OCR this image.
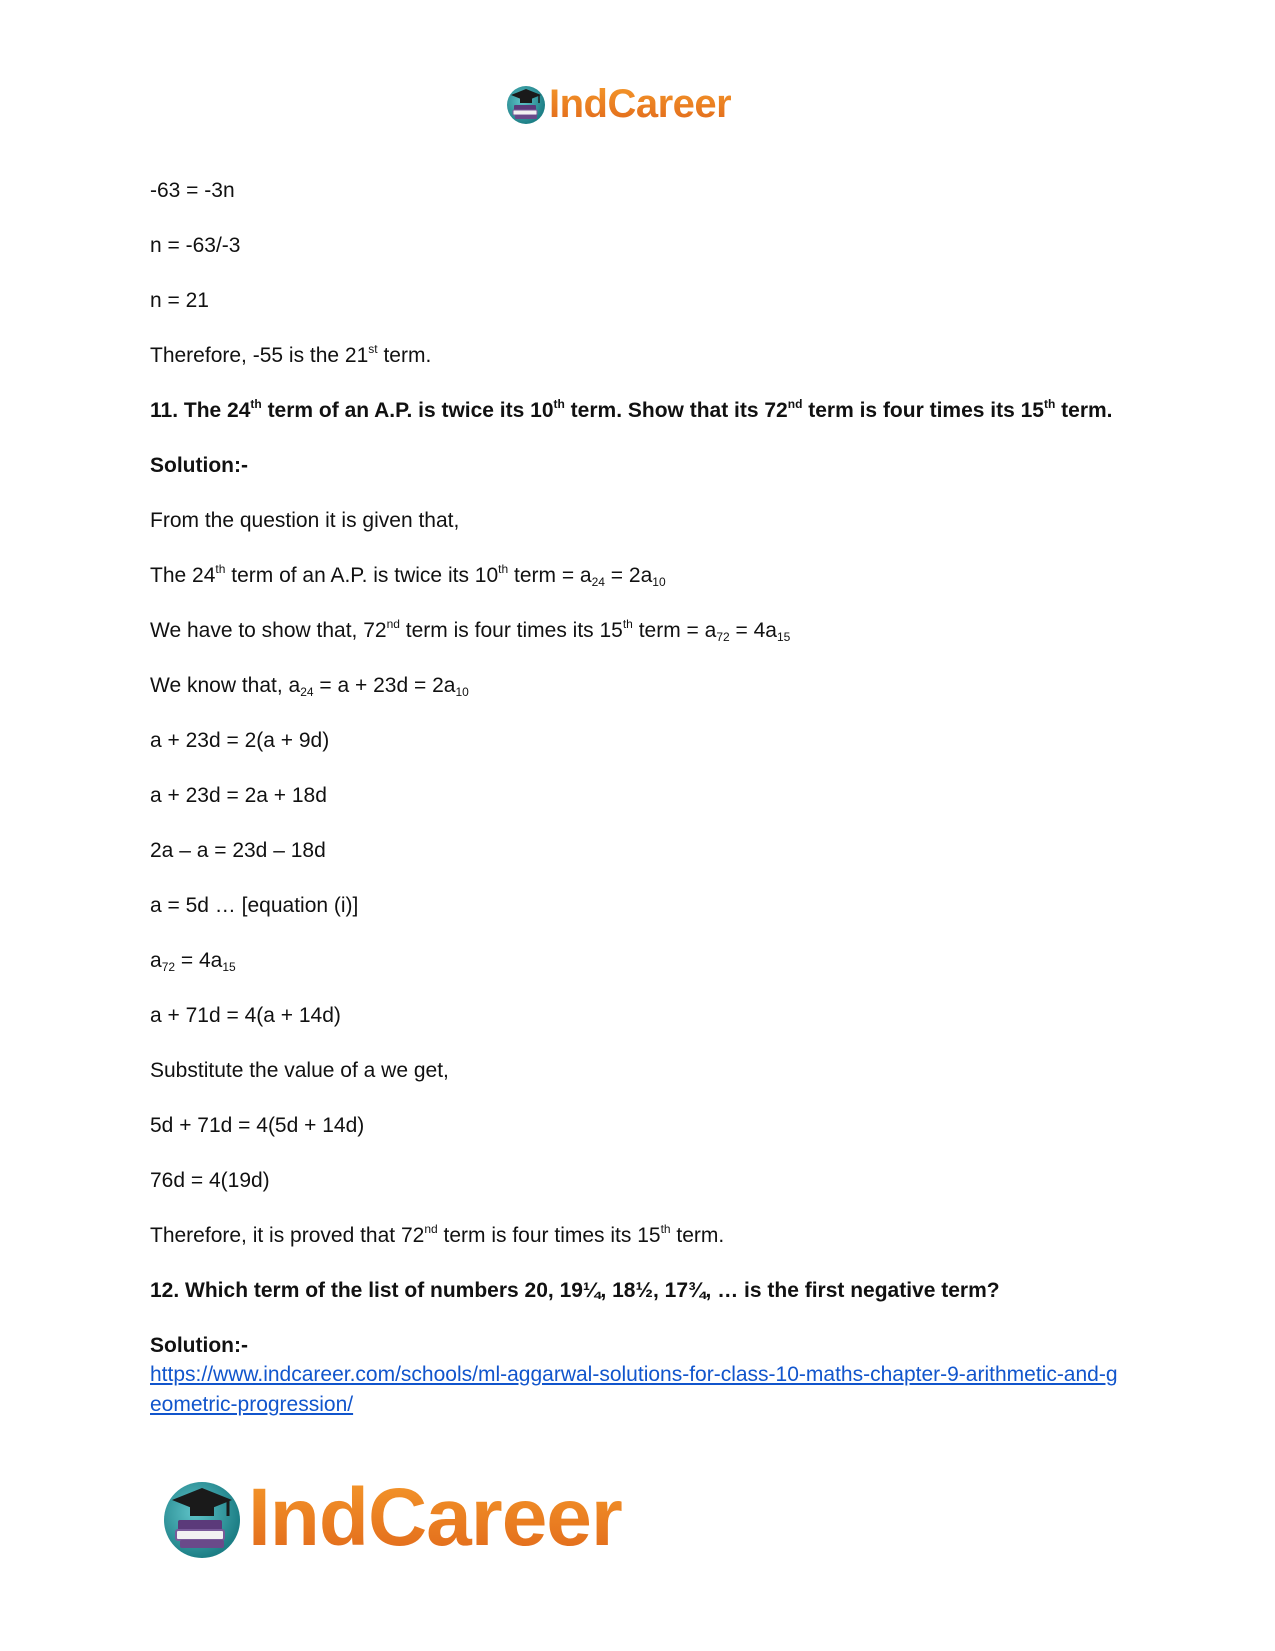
IndCareer

-63 = -3n

n = -63/-3

n = 21

Therefore, -55 is the 21st term.

11. The 24th term of an A.P. is twice its 10th term. Show that its 72nd term is four times its 15th term.

Solution:-

From the question it is given that,

The 24th term of an A.P. is twice its 10th term = $a_{24} = 2a_{10}$

We have to show that, 72nd term is four times its 15th term = $a_{72} = 4a_{15}$

We know that, $a_{24} = a + 23d = 2a_{10}$

a + 23d = 2(a + 9d)

a + 23d = 2a + 18d

2a – a = 23d – 18d

a = 5d … [equation (i)]

$a_{72} = 4a_{15}$

a + 71d = 4(a + 14d)

Substitute the value of a we get,

5d + 71d = 4(5d + 14d)

76d = 4(19d)

Therefore, it is proved that 72nd term is four times its 15th term.

12. Which term of the list of numbers 20, 19¼, 18½, 17¾, … is the first negative term?

Solution:-

https://www.indcareer.com/schools/ml-aggarwal-solutions-for-class-10-maths-chapter-9-arithmetic-and-geometric-progression/
IndCareer
